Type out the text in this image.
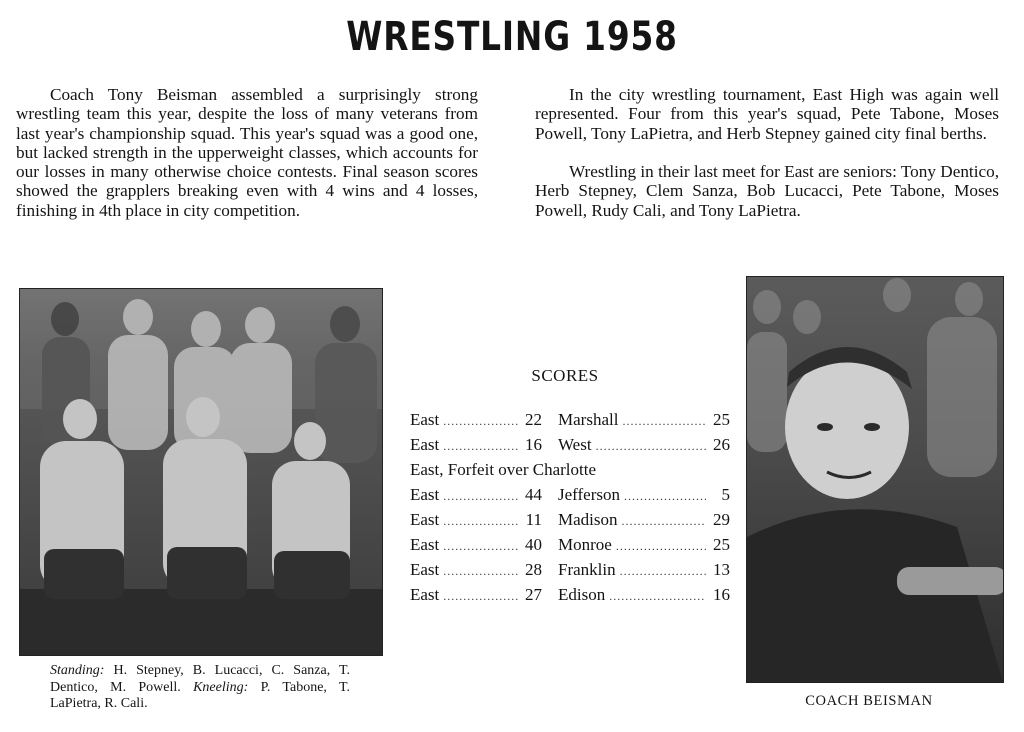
WRESTLING 1958

Coach Tony Beisman assembled a surprisingly strong wrestling team this year, despite the loss of many veterans from last year's championship squad. This year's squad was a good one, but lacked strength in the upperweight classes, which accounts for our losses in many otherwise choice contests. Final season scores showed the grapplers breaking even with 4 wins and 4 losses, finishing in 4th place in city competition.

In the city wrestling tournament, East High was again well represented. Four from this year's squad, Pete Tabone, Moses Powell, Tony LaPietra, and Herb Stepney gained city final berths.

Wrestling in their last meet for East are seniors: Tony Dentico, Herb Stepney, Clem Sanza, Bob Lucacci, Pete Tabone, Moses Powell, Rudy Cali, and Tony LaPietra.

SCORES
East .....	22 Marshall .....	25
East .....	16 West .....	26
East, Forfeit over Charlotte
East .....	44 Jefferson .....	5
East .....	11 Madison .....	29
East .....	40 Monroe .....	25
East .....	28 Franklin .....	13
East .....	27 Edison .....	16

Standing: H. Stepney, B. Lucacci, C. Sanza, T. Dentico, M. Powell. Kneeling: P. Tabone, T. LaPietra, R. Cali.	COACH BEISMAN
